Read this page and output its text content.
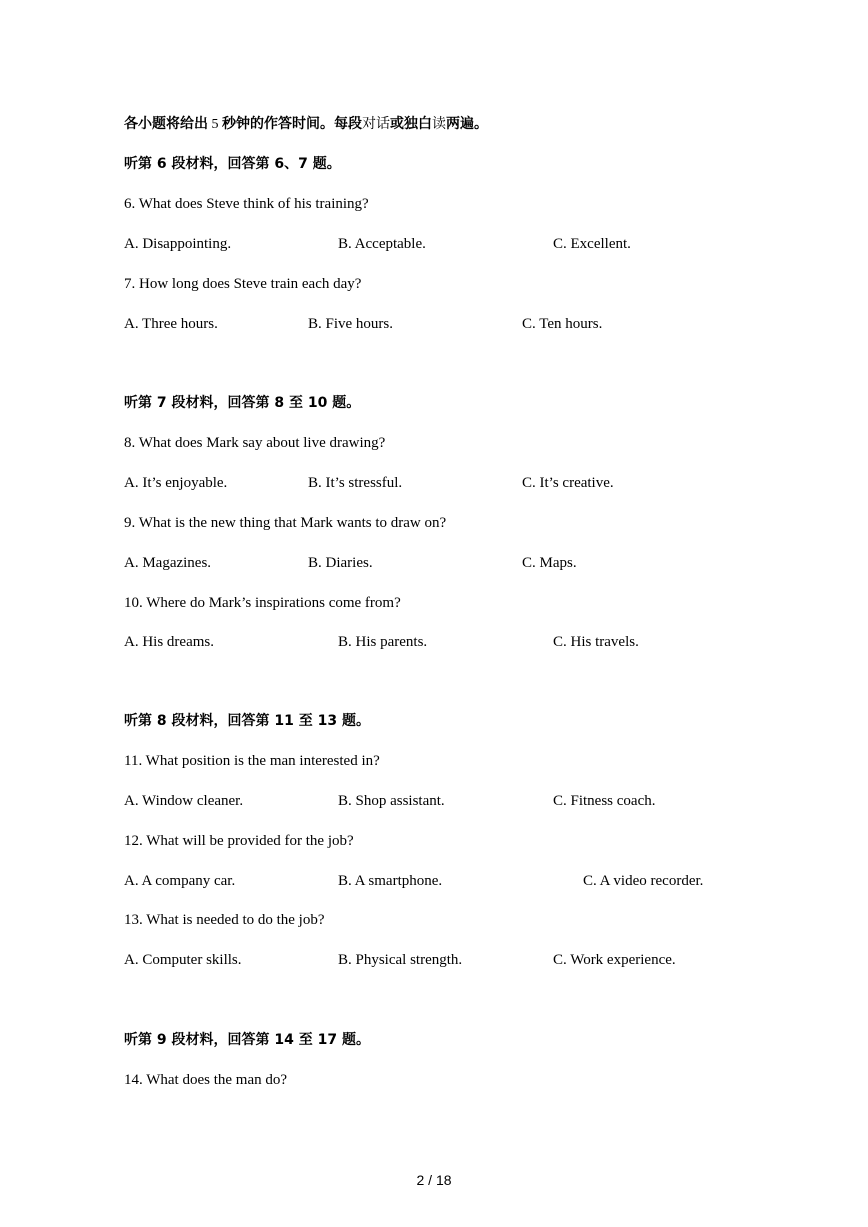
各小题将给出 5 秒钟的作答时间。每段对话或独白读两遍。
听第 6 段材料，回答第 6、7 题。
6. What does Steve think of his training?
A. Disappointing.	B. Acceptable.	C. Excellent.
7. How long does Steve train each day?
A. Three hours.	B. Five hours.	C. Ten hours.
听第 7 段材料，回答第 8 至 10 题。
8. What does Mark say about live drawing?
A. It’s enjoyable.	B. It’s stressful.	C. It’s creative.
9. What is the new thing that Mark wants to draw on?
A. Magazines.	B. Diaries.	C. Maps.
10. Where do Mark’s inspirations come from?
A. His dreams.	B. His parents.	C. His travels.
听第 8 段材料，回答第 11 至 13 题。
11. What position is the man interested in?
A. Window cleaner.	B. Shop assistant.	C. Fitness coach.
12. What will be provided for the job?
A. A company car.	B. A smartphone.	C. A video recorder.
13. What is needed to do the job?
A. Computer skills.	B. Physical strength.	C. Work experience.
听第 9 段材料，回答第 14 至 17 题。
14. What does the man do?
2 / 18
